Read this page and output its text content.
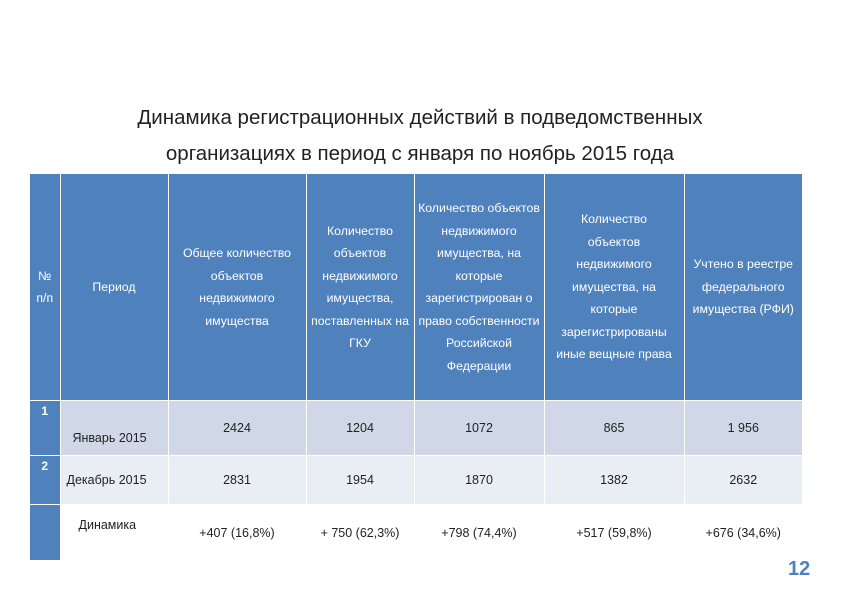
Динамика регистрационных действий в подведомственных
организациях в период с января по ноябрь 2015 года
№ п/п	Период	Общее количество объектов недвижимого имущества	Количество объектов недвижимого имущества, поставленных на ГКУ	Количество объектов недвижимого имущества, на которые зарегистрирован о право собственности Российской Федерации	Количество объектов недвижимого имущества, на которые зарегистрированы иные вещные права	Учтено в реестре федерального имущества (РФИ)

1	Январь 2015	2424	1204	1072	865	1 956
2	Декабрь 2015	2831	1954	1870	1382	2632
	Динамика	+407 (16,8%)	+ 750 (62,3%)	+798 (74,4%)	+517 (59,8%)	+676 (34,6%)
12
